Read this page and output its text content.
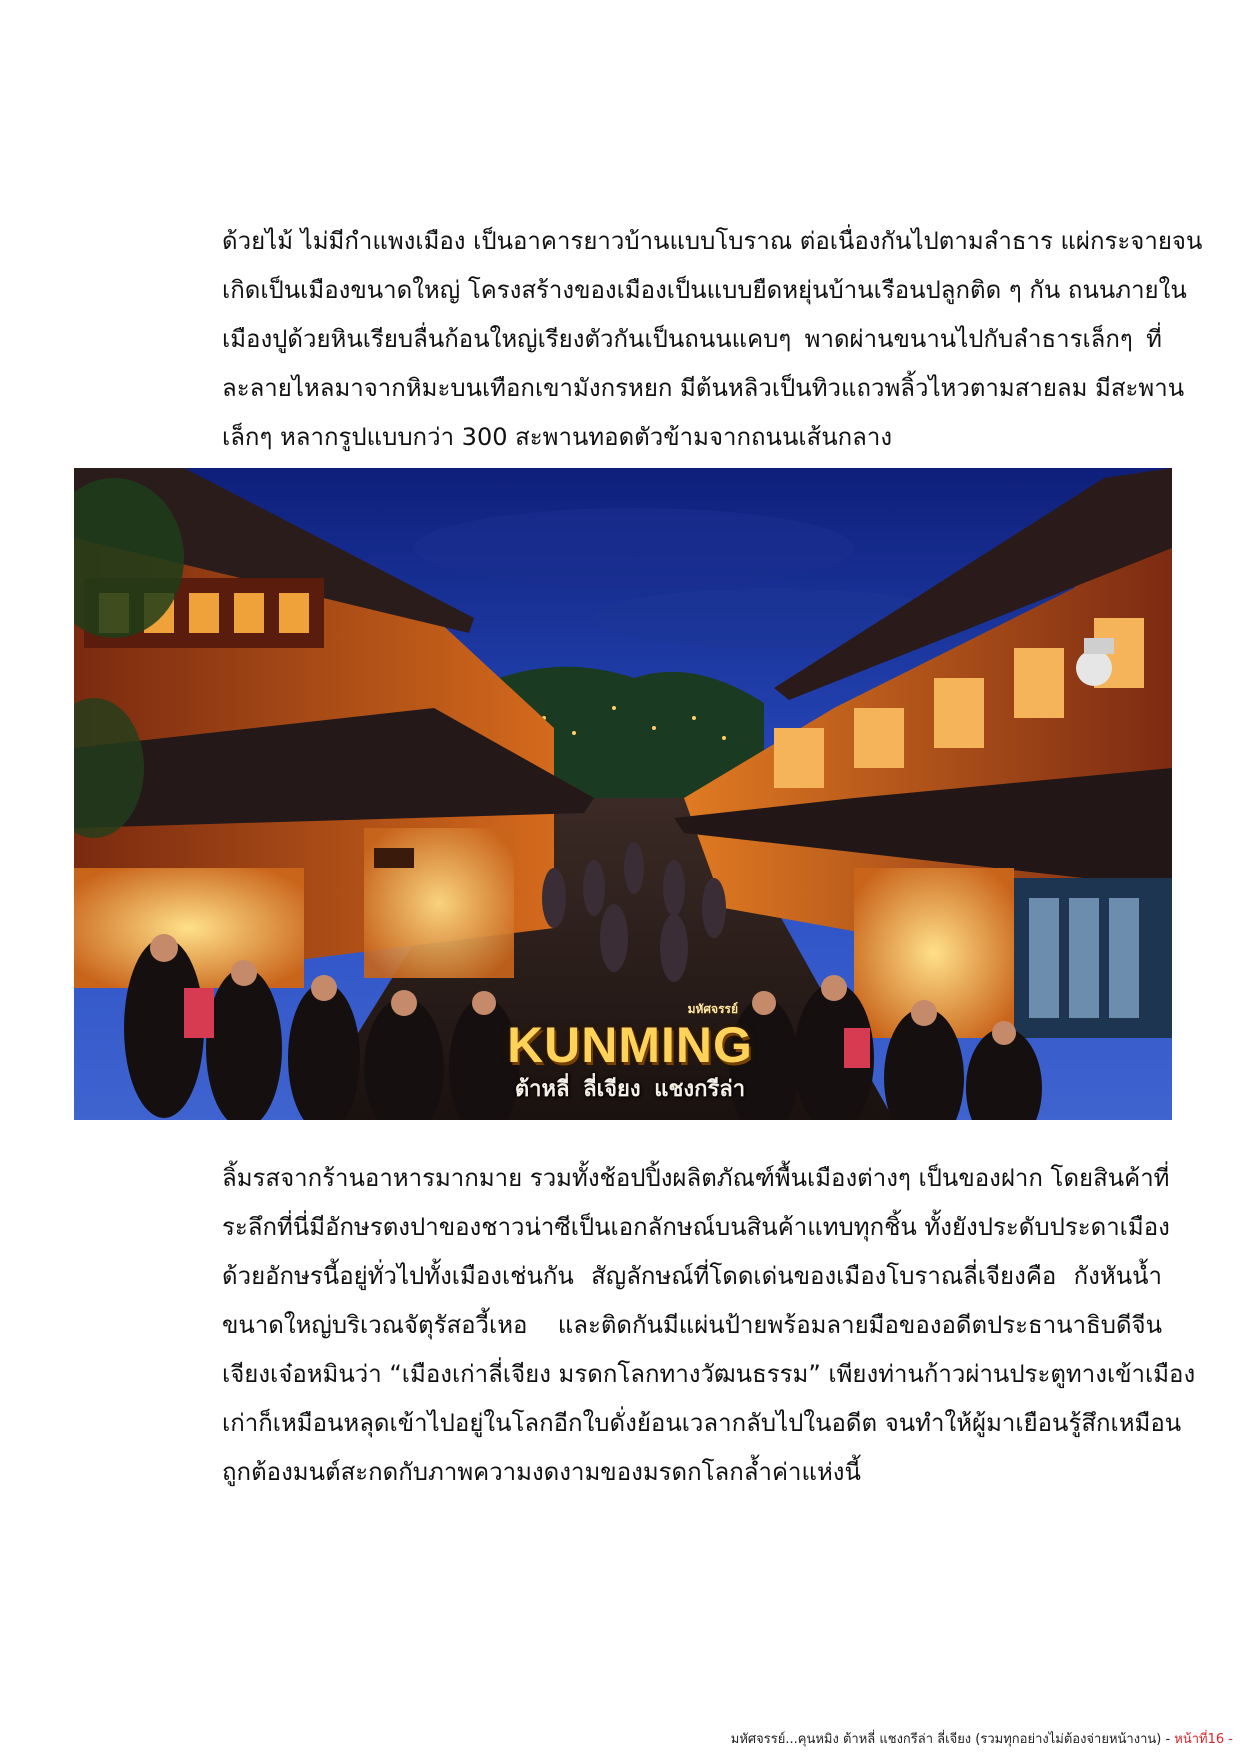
ด้วยไม้ ไม่มีกำแพงเมือง เป็นอาคารยาวบ้านแบบโบราณ ต่อเนื่องกันไปตามลำธาร แผ่กระจายจน
เกิดเป็นเมืองขนาดใหญ่ โครงสร้างของเมืองเป็นแบบยืดหยุ่นบ้านเรือนปลูกติด ๆ กัน ถนนภายใน
เมืองปูด้วยหินเรียบลื่นก้อนใหญ่เรียงตัวกันเป็นถนนแคบๆ พาดผ่านขนานไปกับลำธารเล็กๆ ที่
ละลายไหลมาจากหิมะบนเทือกเขามังกรหยก มีต้นหลิวเป็นทิวแถวพลิ้วไหวตามสายลม มีสะพาน
เล็กๆ หลากรูปแบบกว่า 300 สะพานทอดตัวข้ามจากถนนเส้นกลาง
มหัศจรรย์
KUNMING
ต้าหลี่ ลี่เจียง แชงกรีล่า
ลิ้มรสจากร้านอาหารมากมาย รวมทั้งช้อปปิ้งผลิตภัณฑ์พื้นเมืองต่างๆ เป็นของฝาก โดยสินค้าที่
ระลึกที่นี่มีอักษรตงปาของชาวน่าซีเป็นเอกลักษณ์บนสินค้าแทบทุกชิ้น ทั้งยังประดับประดาเมือง
ด้วยอักษรนี้อยู่ทั่วไปทั้งเมืองเช่นกัน สัญลักษณ์ที่โดดเด่นของเมืองโบราณลี่เจียงคือ กังหันน้ำ
ขนาดใหญ่บริเวณจัตุรัสอวี้เหอ และติดกันมีแผ่นป้ายพร้อมลายมือของอดีตประธานาธิบดีจีน
เจียงเจ๋อหมินว่า “เมืองเก่าลี่เจียง มรดกโลกทางวัฒนธรรม” เพียงท่านก้าวผ่านประตูทางเข้าเมือง
เก่าก็เหมือนหลุดเข้าไปอยู่ในโลกอีกใบดั่งย้อนเวลากลับไปในอดีต จนทำให้ผู้มาเยือนรู้สึกเหมือน
ถูกต้องมนต์สะกดกับภาพความงดงามของมรดกโลกล้ำค่าแห่งนี้
มหัศจรรย์...คุนหมิง ต้าหลี่ แชงกรีล่า ลี่เจียง (รวมทุกอย่างไม่ต้องจ่ายหน้างาน) - หน้าที่16 -
